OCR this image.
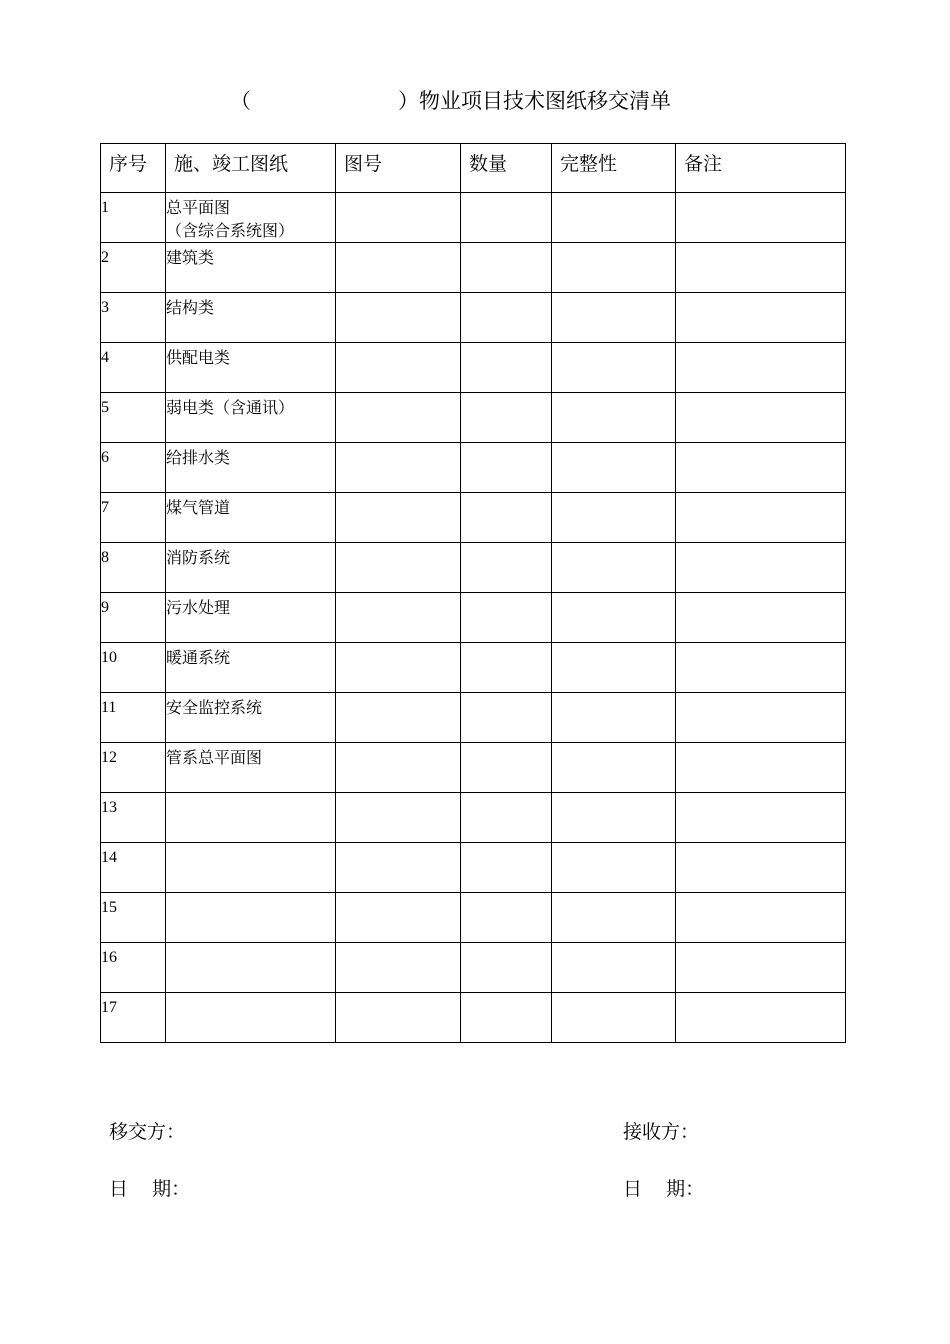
（	）物业项目技术图纸移交清单
序号	施、竣工图纸	图号	数量	完整性	备注
1	总平面图
（含综合系统图）				
2	建筑类				
3	结构类				
4	供配电类				
5	弱电类（含通讯）				
6	给排水类				
7	煤气管道				
8	消防系统				
9	污水处理				
10	暖通系统				
11	安全监控系统				
12	管系总平面图				
13					
14					
15					
16					
17					
移交方：	接收方：
日    期：	日    期：
